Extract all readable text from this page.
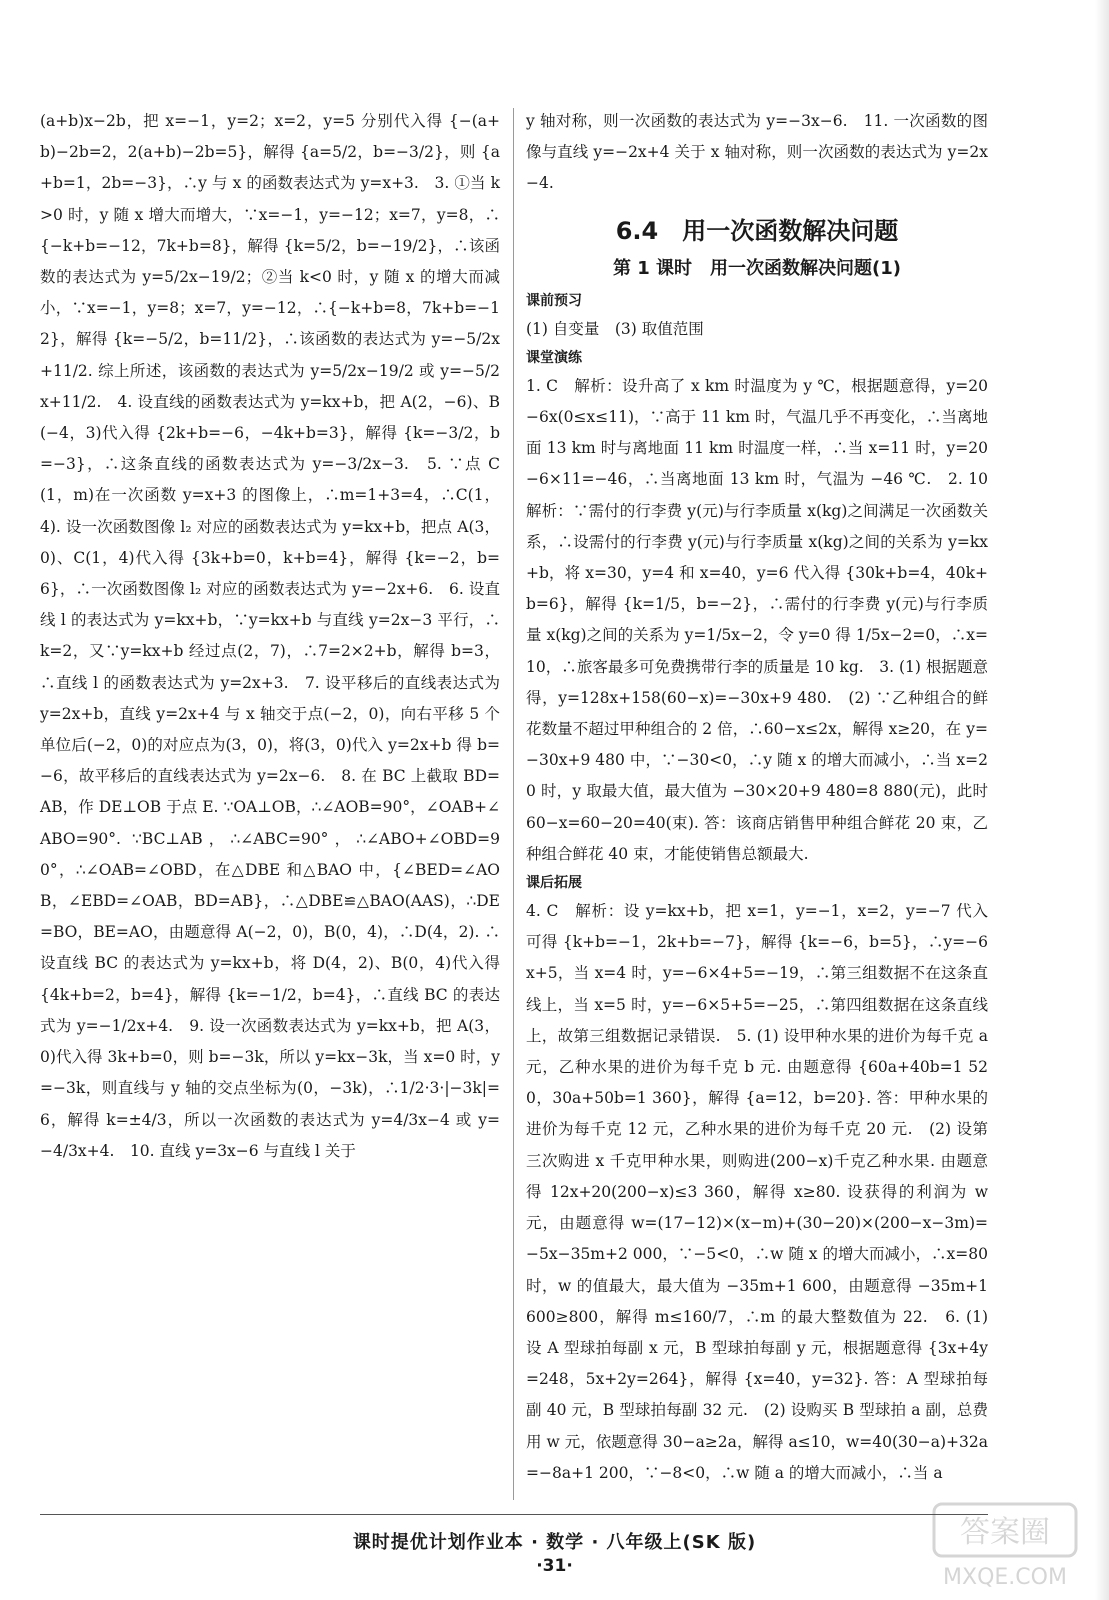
(a+b)x−2b，把 x=−1，y=2；x=2，y=5 分别代入得 {−(a+b)−2b=2，2(a+b)−2b=5}，解得 {a=5/2，b=−3/2}，则 {a+b=1，2b=−3}，∴y 与 x 的函数表达式为 y=x+3.　3. ①当 k>0 时，y 随 x 增大而增大，∵x=−1，y=−12；x=7，y=8，∴{−k+b=−12，7k+b=8}，解得 {k=5/2，b=−19/2}，∴该函数的表达式为 y=5/2x−19/2；②当 k<0 时，y 随 x 的增大而减小，∵x=−1，y=8；x=7，y=−12，∴{−k+b=8，7k+b=−12}，解得 {k=−5/2，b=11/2}，∴该函数的表达式为 y=−5/2x+11/2. 综上所述，该函数的表达式为 y=5/2x−19/2 或 y=−5/2x+11/2.　4. 设直线的函数表达式为 y=kx+b，把 A(2，−6)、B(−4，3)代入得 {2k+b=−6，−4k+b=3}，解得 {k=−3/2，b=−3}，∴这条直线的函数表达式为 y=−3/2x−3.　5. ∵点 C(1，m)在一次函数 y=x+3 的图像上，∴m=1+3=4，∴C(1，4). 设一次函数图像 l₂ 对应的函数表达式为 y=kx+b，把点 A(3，0)、C(1，4)代入得 {3k+b=0，k+b=4}，解得 {k=−2，b=6}，∴一次函数图像 l₂ 对应的函数表达式为 y=−2x+6.　6. 设直线 l 的表达式为 y=kx+b，∵y=kx+b 与直线 y=2x−3 平行，∴k=2，又∵y=kx+b 经过点(2，7)，∴7=2×2+b，解得 b=3，∴直线 l 的函数表达式为 y=2x+3.　7. 设平移后的直线表达式为 y=2x+b，直线 y=2x+4 与 x 轴交于点(−2，0)，向右平移 5 个单位后(−2，0)的对应点为(3，0)，将(3，0)代入 y=2x+b 得 b=−6，故平移后的直线表达式为 y=2x−6.　8. 在 BC 上截取 BD=AB，作 DE⊥OB 于点 E. ∵OA⊥OB，∴∠AOB=90°，∠OAB+∠ABO=90°. ∵BC⊥AB，∴∠ABC=90°，∴∠ABO+∠OBD=90°，∴∠OAB=∠OBD，在△DBE 和△BAO 中，{∠BED=∠AOB，∠EBD=∠OAB，BD=AB}，∴△DBE≌△BAO(AAS)，∴DE=BO，BE=AO，由题意得 A(−2，0)，B(0，4)，∴D(4，2). ∴设直线 BC 的表达式为 y=kx+b，将 D(4，2)、B(0，4)代入得 {4k+b=2，b=4}，解得 {k=−1/2，b=4}，∴直线 BC 的表达式为 y=−1/2x+4.　9. 设一次函数表达式为 y=kx+b，把 A(3，0)代入得 3k+b=0，则 b=−3k，所以 y=kx−3k，当 x=0 时，y=−3k，则直线与 y 轴的交点坐标为(0，−3k)，∴1/2·3·|−3k|=6，解得 k=±4/3，所以一次函数的表达式为 y=4/3x−4 或 y=−4/3x+4.　10. 直线 y=3x−6 与直线 l 关于

y 轴对称，则一次函数的表达式为 y=−3x−6.　11. 一次函数的图像与直线 y=−2x+4 关于 x 轴对称，则一次函数的表达式为 y=2x−4.

6.4　用一次函数解决问题
第 1 课时　用一次函数解决问题(1)
课前预习

(1) 自变量　(3) 取值范围

课堂演练

1. C　解析：设升高了 x km 时温度为 y ℃，根据题意得，y=20−6x(0≤x≤11)，∵高于 11 km 时，气温几乎不再变化，∴当离地面 13 km 时与离地面 11 km 时温度一样，∴当 x=11 时，y=20−6×11=−46，∴当离地面 13 km 时，气温为 −46 ℃.　2. 10　解析：∵需付的行李费 y(元)与行李质量 x(kg)之间满足一次函数关系，∴设需付的行李费 y(元)与行李质量 x(kg)之间的关系为 y=kx+b，将 x=30，y=4 和 x=40，y=6 代入得 {30k+b=4，40k+b=6}，解得 {k=1/5，b=−2}，∴需付的行李费 y(元)与行李质量 x(kg)之间的关系为 y=1/5x−2，令 y=0 得 1/5x−2=0，∴x=10，∴旅客最多可免费携带行李的质量是 10 kg.　3. (1) 根据题意得，y=128x+158(60−x)=−30x+9 480.　(2) ∵乙种组合的鲜花数量不超过甲种组合的 2 倍，∴60−x≤2x，解得 x≥20，在 y=−30x+9 480 中，∵−30<0，∴y 随 x 的增大而减小，∴当 x=20 时，y 取最大值，最大值为 −30×20+9 480=8 880(元)，此时 60−x=60−20=40(束). 答：该商店销售甲种组合鲜花 20 束，乙种组合鲜花 40 束，才能使销售总额最大.

课后拓展

4. C　解析：设 y=kx+b，把 x=1，y=−1，x=2，y=−7 代入可得 {k+b=−1，2k+b=−7}，解得 {k=−6，b=5}，∴y=−6x+5，当 x=4 时，y=−6×4+5=−19，∴第三组数据不在这条直线上，当 x=5 时，y=−6×5+5=−25，∴第四组数据在这条直线上，故第三组数据记录错误.　5. (1) 设甲种水果的进价为每千克 a 元，乙种水果的进价为每千克 b 元. 由题意得 {60a+40b=1 520，30a+50b=1 360}，解得 {a=12，b=20}. 答：甲种水果的进价为每千克 12 元，乙种水果的进价为每千克 20 元.　(2) 设第三次购进 x 千克甲种水果，则购进(200−x)千克乙种水果. 由题意得 12x+20(200−x)≤3 360，解得 x≥80. 设获得的利润为 w 元，由题意得 w=(17−12)×(x−m)+(30−20)×(200−x−3m)=−5x−35m+2 000，∵−5<0，∴w 随 x 的增大而减小，∴x=80 时，w 的值最大，最大值为 −35m+1 600，由题意得 −35m+1 600≥800，解得 m≤160/7，∴m 的最大整数值为 22.　6. (1) 设 A 型球拍每副 x 元，B 型球拍每副 y 元，根据题意得 {3x+4y=248，5x+2y=264}，解得 {x=40，y=32}. 答：A 型球拍每副 40 元，B 型球拍每副 32 元.　(2) 设购买 B 型球拍 a 副，总费用 w 元，依题意得 30−a≥2a，解得 a≤10，w=40(30−a)+32a=−8a+1 200，∵−8<0，∴w 随 a 的增大而减小，∴当 a

课时提优计划作业本 · 数学 · 八年级上(SK 版)
·31·
答案圈 MXQE.COM
